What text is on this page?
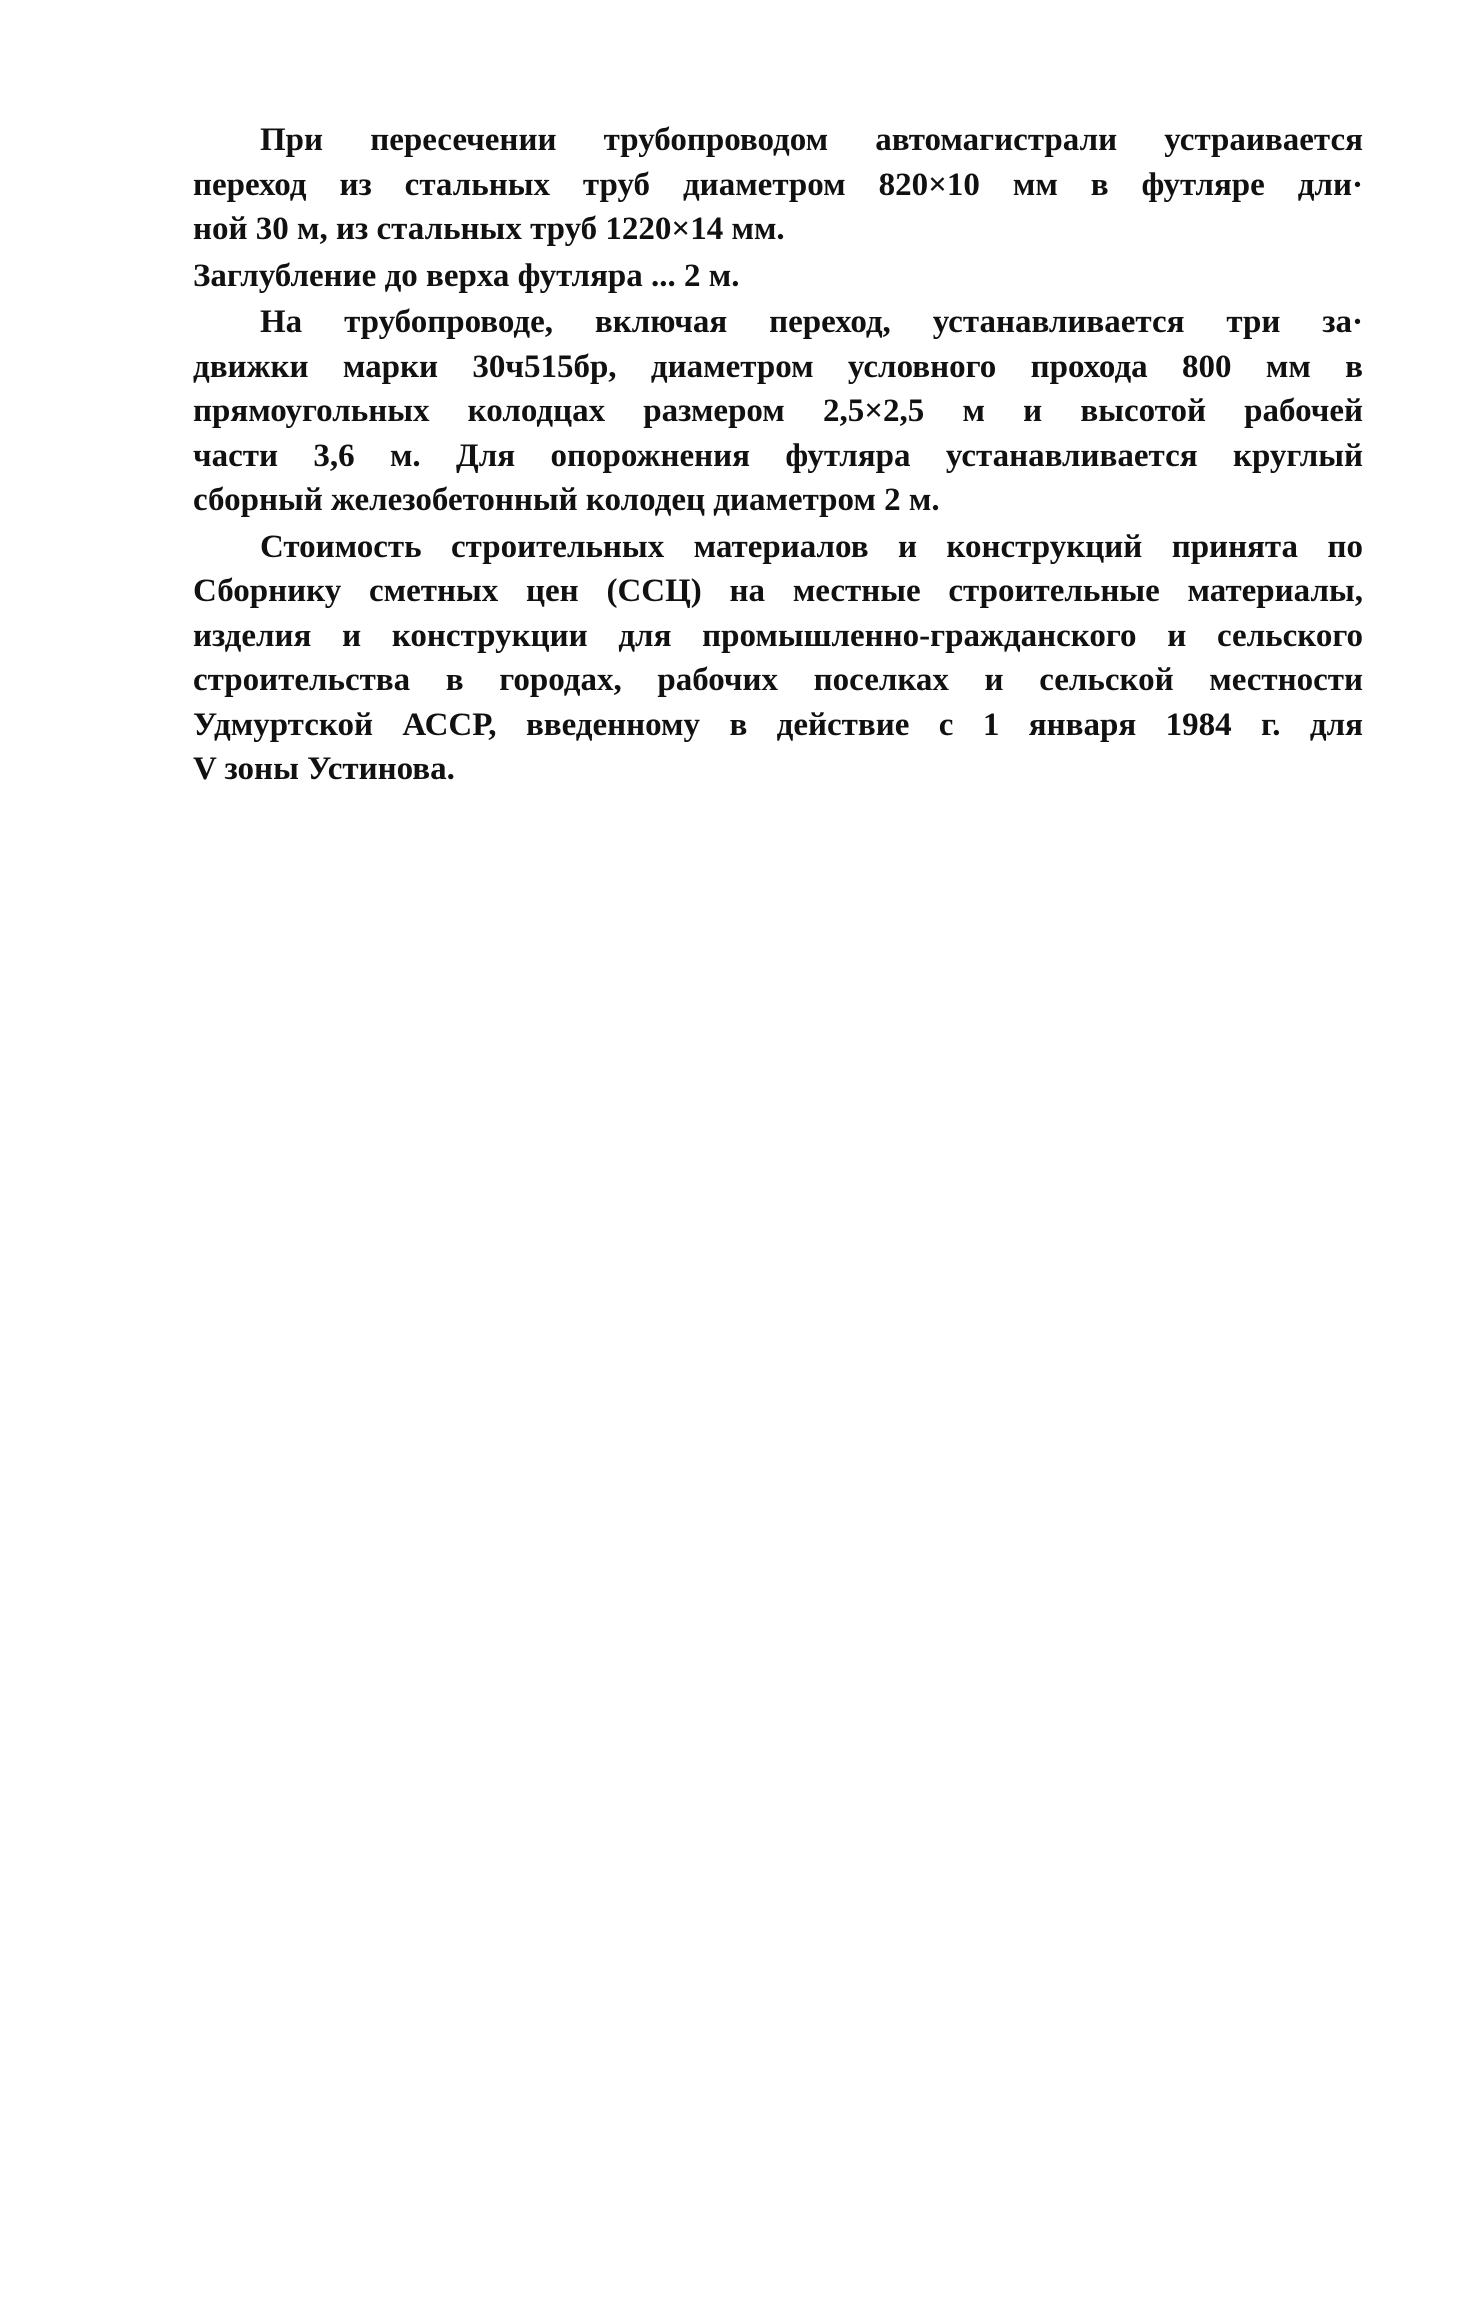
При пересечении трубопроводом автомагистрали устраивается
переход из стальных труб диаметром 820×10 мм в футляре дли·
ной 30 м, из стальных труб 1220×14 мм.
Заглубление до верха футляра ... 2 м.
На трубопроводе, включая переход, устанавливается три за·
движки марки 30ч515бр, диаметром условного прохода 800 мм в
прямоугольных колодцах размером 2,5×2,5 м и высотой рабочей
части 3,6 м. Для опорожнения футляра устанавливается круглый
сборный железобетонный колодец диаметром 2 м.
Стоимость строительных материалов и конструкций принята по
Сборнику сметных цен (ССЦ) на местные строительные материалы,
изделия и конструкции для промышленно-гражданского и сельского
строительства в городах, рабочих поселках и сельской местности
Удмуртской АССР, введенному в действие с 1 января 1984 г. для
V зоны Устинова.
